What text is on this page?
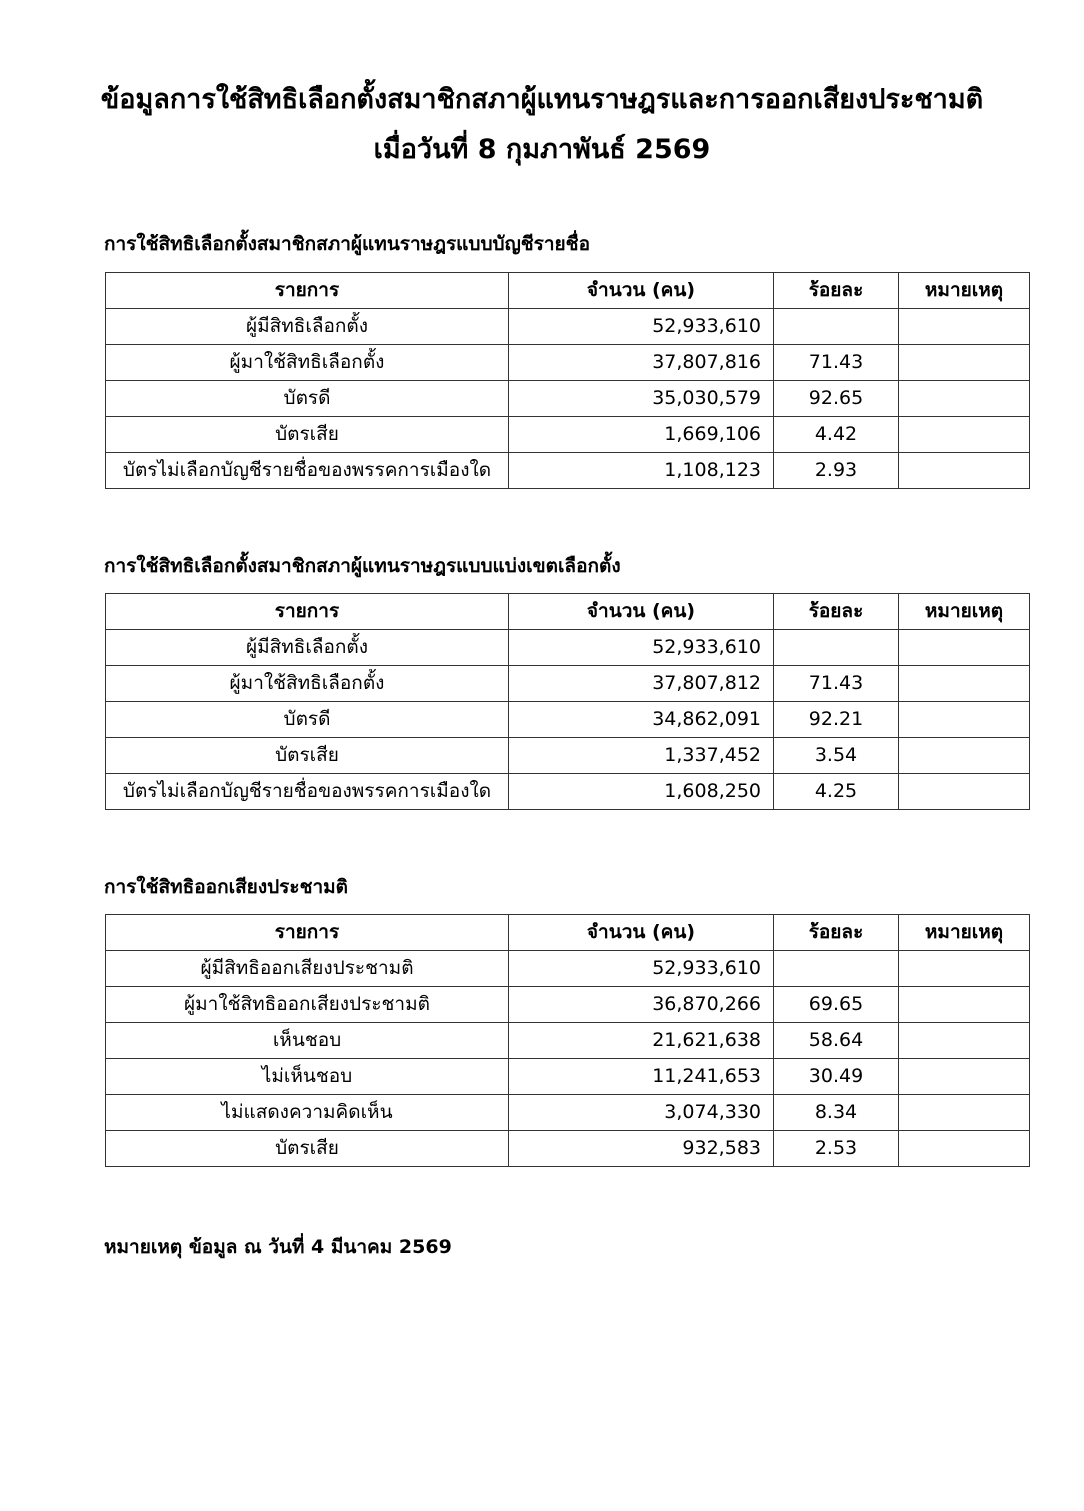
ข้อมูลการใช้สิทธิเลือกตั้งสมาชิกสภาผู้แทนราษฎรและการออกเสียงประชามติ
เมื่อวันที่ 8 กุมภาพันธ์ 2569
การใช้สิทธิเลือกตั้งสมาชิกสภาผู้แทนราษฎรแบบบัญชีรายชื่อ
รายการ	จำนวน (คน)	ร้อยละ	หมายเหตุ
ผู้มีสิทธิเลือกตั้ง	52,933,610		
ผู้มาใช้สิทธิเลือกตั้ง	37,807,816	71.43	
บัตรดี	35,030,579	92.65	
บัตรเสีย	1,669,106	4.42	
บัตรไม่เลือกบัญชีรายชื่อของพรรคการเมืองใด	1,108,123	2.93	
การใช้สิทธิเลือกตั้งสมาชิกสภาผู้แทนราษฎรแบบแบ่งเขตเลือกตั้ง
รายการ	จำนวน (คน)	ร้อยละ	หมายเหตุ
ผู้มีสิทธิเลือกตั้ง	52,933,610		
ผู้มาใช้สิทธิเลือกตั้ง	37,807,812	71.43	
บัตรดี	34,862,091	92.21	
บัตรเสีย	1,337,452	3.54	
บัตรไม่เลือกบัญชีรายชื่อของพรรคการเมืองใด	1,608,250	4.25	
การใช้สิทธิออกเสียงประชามติ
รายการ	จำนวน (คน)	ร้อยละ	หมายเหตุ
ผู้มีสิทธิออกเสียงประชามติ	52,933,610		
ผู้มาใช้สิทธิออกเสียงประชามติ	36,870,266	69.65	
เห็นชอบ	21,621,638	58.64	
ไม่เห็นชอบ	11,241,653	30.49	
ไม่แสดงความคิดเห็น	3,074,330	8.34	
บัตรเสีย	932,583	2.53	

หมายเหตุ ข้อมูล ณ วันที่ 4 มีนาคม 2569
